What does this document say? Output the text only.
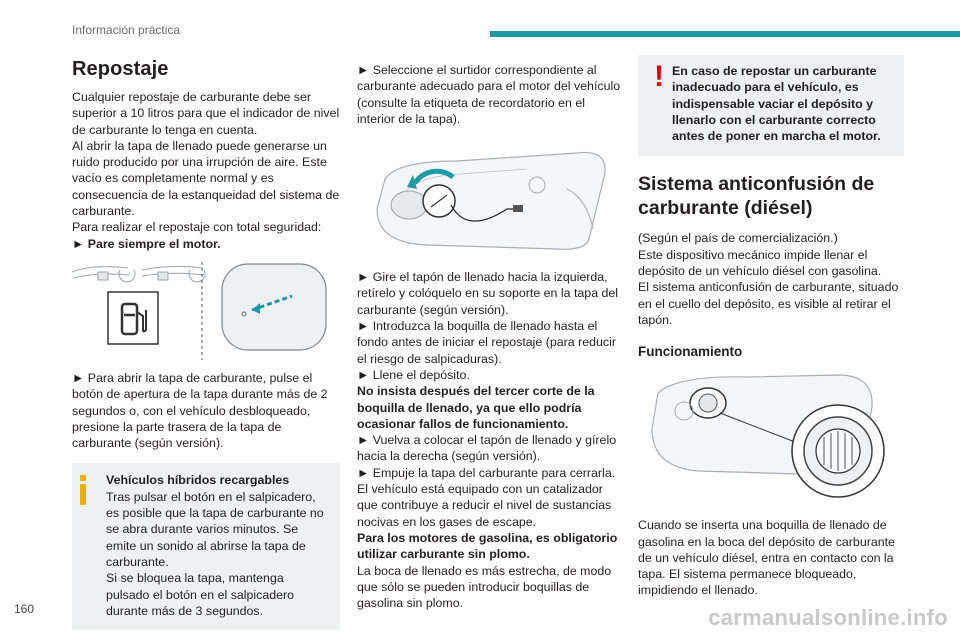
Información práctica
Repostaje

Cualquier repostaje de carburante debe ser superior a 10 litros para que el indicador de nivel de carburante lo tenga en cuenta.

Al abrir la tapa de llenado puede generarse un ruido producido por una irrupción de aire. Este vacío es completamente normal y es consecuencia de la estanqueidad del sistema de carburante.

Para realizar el repostaje con total seguridad:

► Pare siempre el motor.

► Para abrir la tapa de carburante, pulse el botón de apertura de la tapa durante más de 2 segundos o, con el vehículo desbloqueado, presione la parte trasera de la tapa de carburante (según versión).

Vehículos híbridos recargables

Tras pulsar el botón en el salpicadero, es posible que la tapa de carburante no se abra durante varios minutos. Se emite un sonido al abrirse la tapa de carburante.

Si se bloquea la tapa, mantenga pulsado el botón en el salpicadero durante más de 3 segundos.

► Seleccione el surtidor correspondiente al carburante adecuado para el motor del vehículo (consulte la etiqueta de recordatorio en el interior de la tapa).

► Gire el tapón de llenado hacia la izquierda, retírelo y colóquelo en su soporte en la tapa del carburante (según versión).

► Introduzca la boquilla de llenado hasta el fondo antes de iniciar el repostaje (para reducir el riesgo de salpicaduras).

► Llene el depósito.

No insista después del tercer corte de la boquilla de llenado, ya que ello podría ocasionar fallos de funcionamiento.

► Vuelva a colocar el tapón de llenado y gírelo hacia la derecha (según versión).

► Empuje la tapa del carburante para cerrarla.

El vehículo está equipado con un catalizador que contribuye a reducir el nivel de sustancias nocivas en los gases de escape.

Para los motores de gasolina, es obligatorio utilizar carburante sin plomo.

La boca de llenado es más estrecha, de modo que sólo se pueden introducir boquillas de gasolina sin plomo.

! En caso de repostar un carburante inadecuado para el vehículo, es indispensable vaciar el depósito y llenarlo con el carburante correcto antes de poner en marcha el motor.

Sistema anticonfusión de carburante (diésel)

(Según el país de comercialización.)

Este dispositivo mecánico impide llenar el depósito de un vehículo diésel con gasolina.

El sistema anticonfusión de carburante, situado en el cuello del depósito, es visible al retirar el tapón.

Funcionamiento

Cuando se inserta una boquilla de llenado de gasolina en la boca del depósito de carburante de un vehículo diésel, entra en contacto con la tapa. El sistema permanece bloqueado, impidiendo el llenado.

160	carmanualsonline.info
